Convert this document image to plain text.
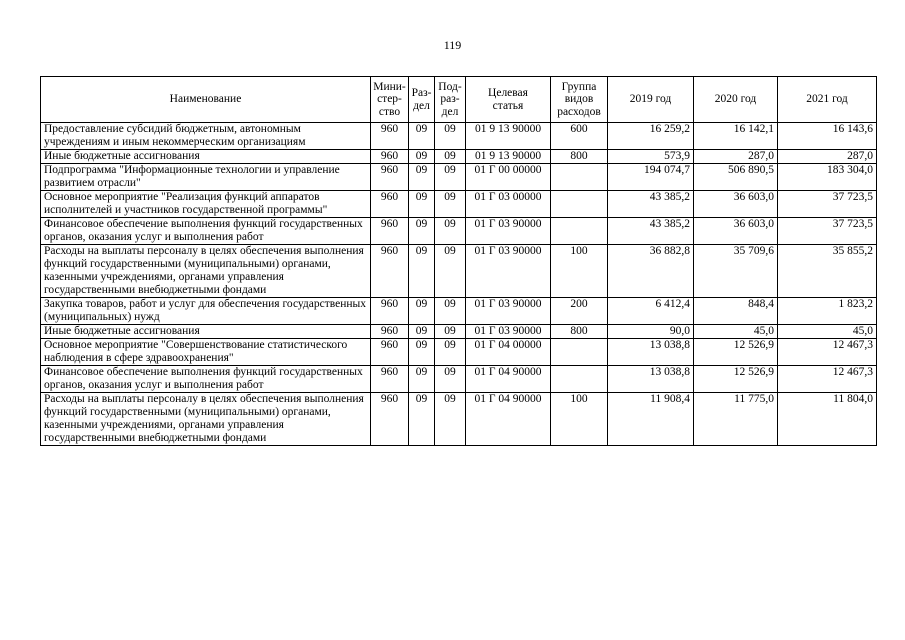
119
Наименование	Мини-
стер-
ство	Раз-
дел	Под-
раз-
дел	Целевая
статья	Группа
видов
расходов	2019 год	2020 год	2021 год
Предоставление субсидий бюджетным, автономным учреждениям и иным некоммерческим организациям	960	09	09	01 9 13 90000	600	16 259,2	16 142,1	16 143,6
Иные бюджетные ассигнования	960	09	09	01 9 13 90000	800	573,9	287,0	287,0
Подпрограмма "Информационные технологии и управление развитием отрасли"	960	09	09	01 Г 00 00000		194 074,7	506 890,5	183 304,0
Основное мероприятие "Реализация функций аппаратов исполнителей и участников государственной программы"	960	09	09	01 Г 03 00000		43 385,2	36 603,0	37 723,5
Финансовое обеспечение выполнения функций государственных органов, оказания услуг и выполнения работ	960	09	09	01 Г 03 90000		43 385,2	36 603,0	37 723,5
Расходы на выплаты персоналу в целях обеспечения выполнения функций государственными (муниципальными) органами, казенными учреждениями, органами управления государственными внебюджетными фондами	960	09	09	01 Г 03 90000	100	36 882,8	35 709,6	35 855,2
Закупка товаров, работ и услуг для обеспечения государственных (муниципальных) нужд	960	09	09	01 Г 03 90000	200	6 412,4	848,4	1 823,2
Иные бюджетные ассигнования	960	09	09	01 Г 03 90000	800	90,0	45,0	45,0
Основное мероприятие "Совершенствование статистического наблюдения в сфере здравоохранения"	960	09	09	01 Г 04 00000		13 038,8	12 526,9	12 467,3
Финансовое обеспечение выполнения функций государственных органов, оказания услуг и выполнения работ	960	09	09	01 Г 04 90000		13 038,8	12 526,9	12 467,3
Расходы на выплаты персоналу в целях обеспечения выполнения функций государственными (муниципальными) органами, казенными учреждениями, органами управления государственными внебюджетными фондами	960	09	09	01 Г 04 90000	100	11 908,4	11 775,0	11 804,0
